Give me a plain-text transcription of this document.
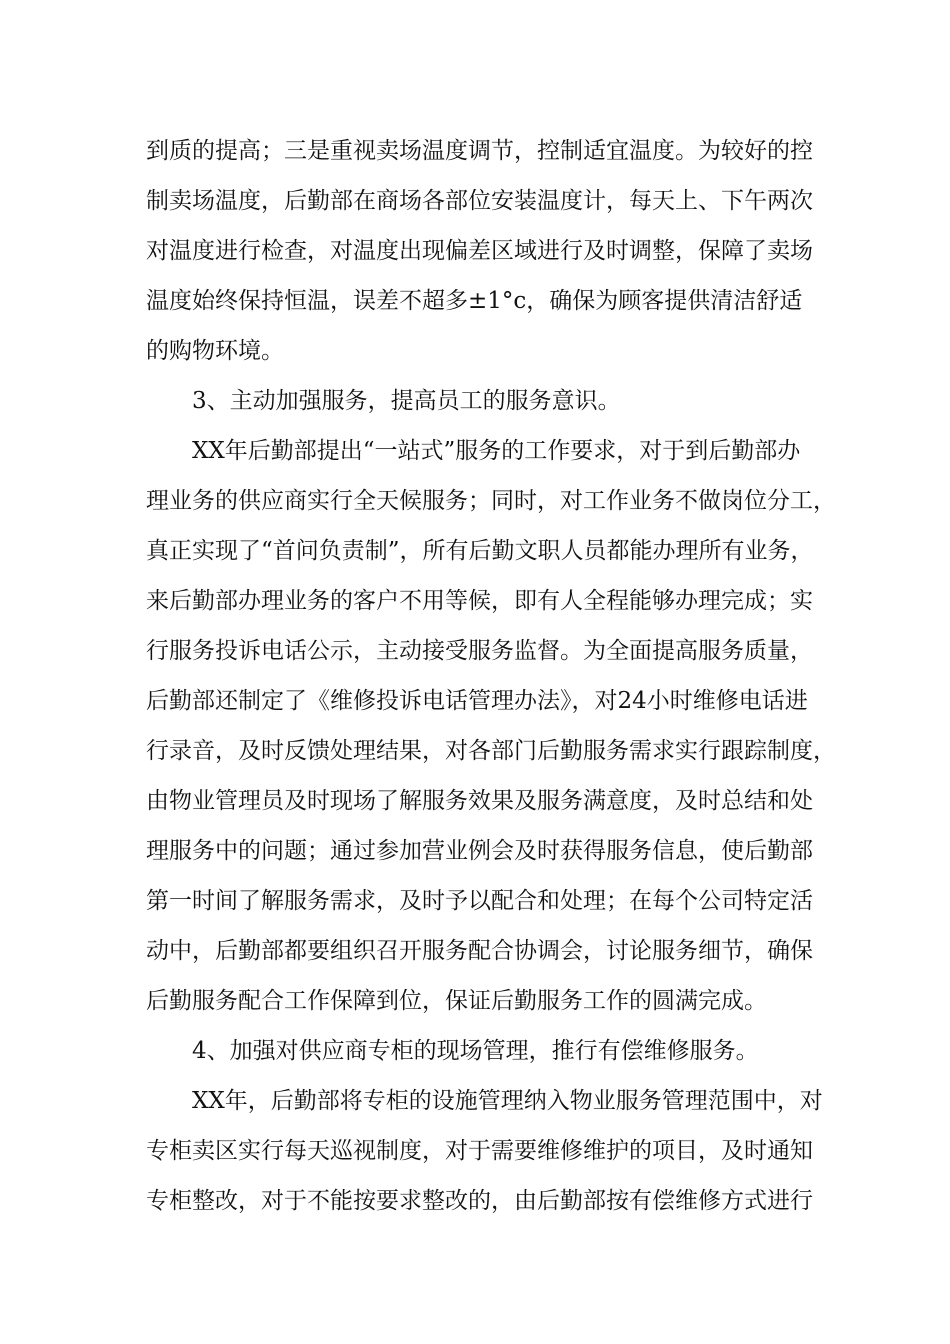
到质的提高；三是重视卖场温度调节，控制适宜温度。为较好的控
制卖场温度，后勤部在商场各部位安装温度计，每天上、下午两次
对温度进行检查，对温度出现偏差区域进行及时调整，保障了卖场
温度始终保持恒温，误差不超多±1°c，确保为顾客提供清洁舒适
的购物环境。
3、主动加强服务，提高员工的服务意识。
XX年后勤部提出“一站式”服务的工作要求，对于到后勤部办
理业务的供应商实行全天候服务；同时，对工作业务不做岗位分工，
真正实现了“首问负责制”，所有后勤文职人员都能办理所有业务，
来后勤部办理业务的客户不用等候，即有人全程能够办理完成；实
行服务投诉电话公示，主动接受服务监督。为全面提高服务质量，
后勤部还制定了《维修投诉电话管理办法》，对24小时维修电话进
行录音，及时反馈处理结果，对各部门后勤服务需求实行跟踪制度，
由物业管理员及时现场了解服务效果及服务满意度，及时总结和处
理服务中的问题；通过参加营业例会及时获得服务信息，使后勤部
第一时间了解服务需求，及时予以配合和处理；在每个公司特定活
动中，后勤部都要组织召开服务配合协调会，讨论服务细节，确保
后勤服务配合工作保障到位，保证后勤服务工作的圆满完成。
4、加强对供应商专柜的现场管理，推行有偿维修服务。
XX年，后勤部将专柜的设施管理纳入物业服务管理范围中，对
专柜卖区实行每天巡视制度，对于需要维修维护的项目，及时通知
专柜整改，对于不能按要求整改的，由后勤部按有偿维修方式进行
